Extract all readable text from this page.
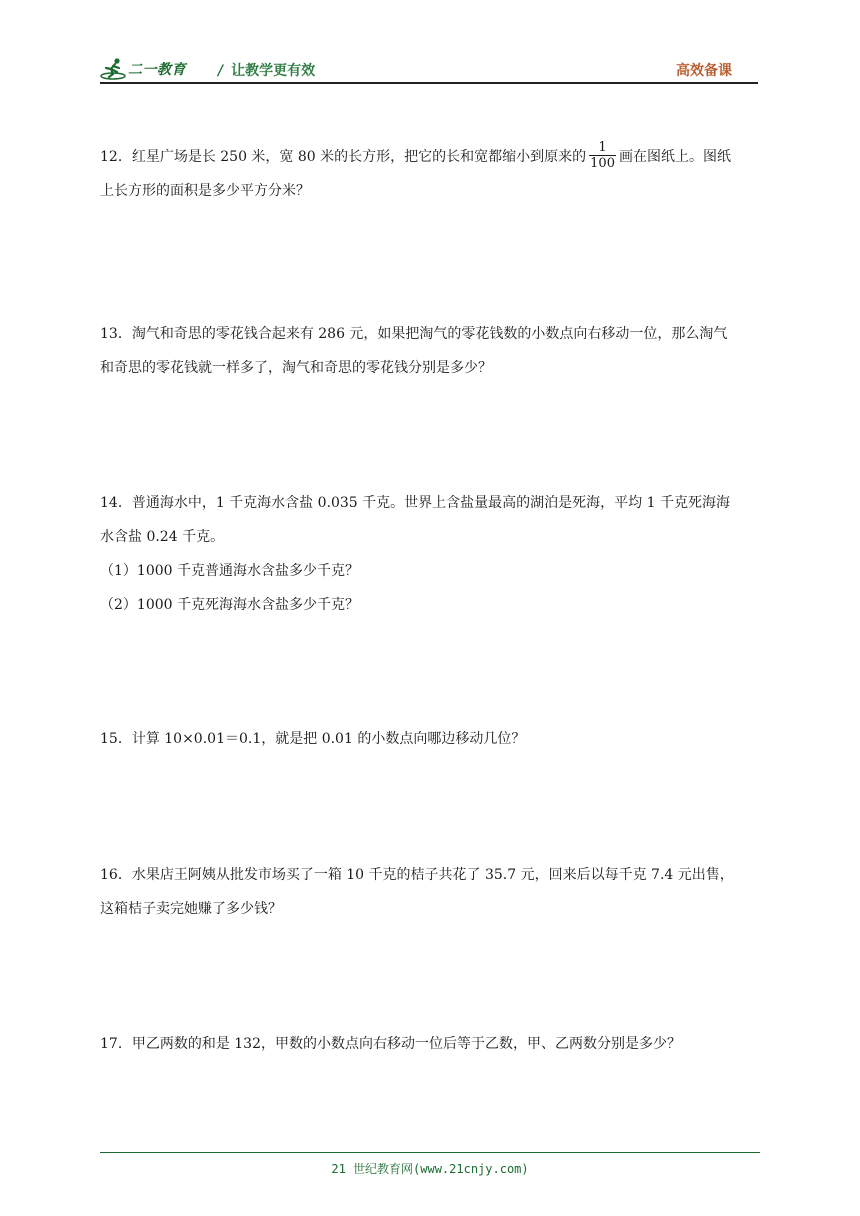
二一教育 / 让教学更有效	高效备课
12．红星广场是长 250 米，宽 80 米的长方形，把它的长和宽都缩小到原来的 $\frac{1}{100}$ 画在图纸上。图纸
上长方形的面积是多少平方分米？
13．淘气和奇思的零花钱合起来有 286 元，如果把淘气的零花钱数的小数点向右移动一位，那么淘气
和奇思的零花钱就一样多了，淘气和奇思的零花钱分别是多少？
14．普通海水中，1 千克海水含盐 0.035 千克。世界上含盐量最高的湖泊是死海，平均 1 千克死海海
水含盐 0.24 千克。
（1）1000 千克普通海水含盐多少千克？
（2）1000 千克死海海水含盐多少千克？
15．计算 10×0.01＝0.1，就是把 0.01 的小数点向哪边移动几位？
16．水果店王阿姨从批发市场买了一箱 10 千克的桔子共花了 35.7 元，回来后以每千克 7.4 元出售，
这箱桔子卖完她赚了多少钱？
17．甲乙两数的和是 132，甲数的小数点向右移动一位后等于乙数，甲、乙两数分别是多少？
21 世纪教育网(www.21cnjy.com)
